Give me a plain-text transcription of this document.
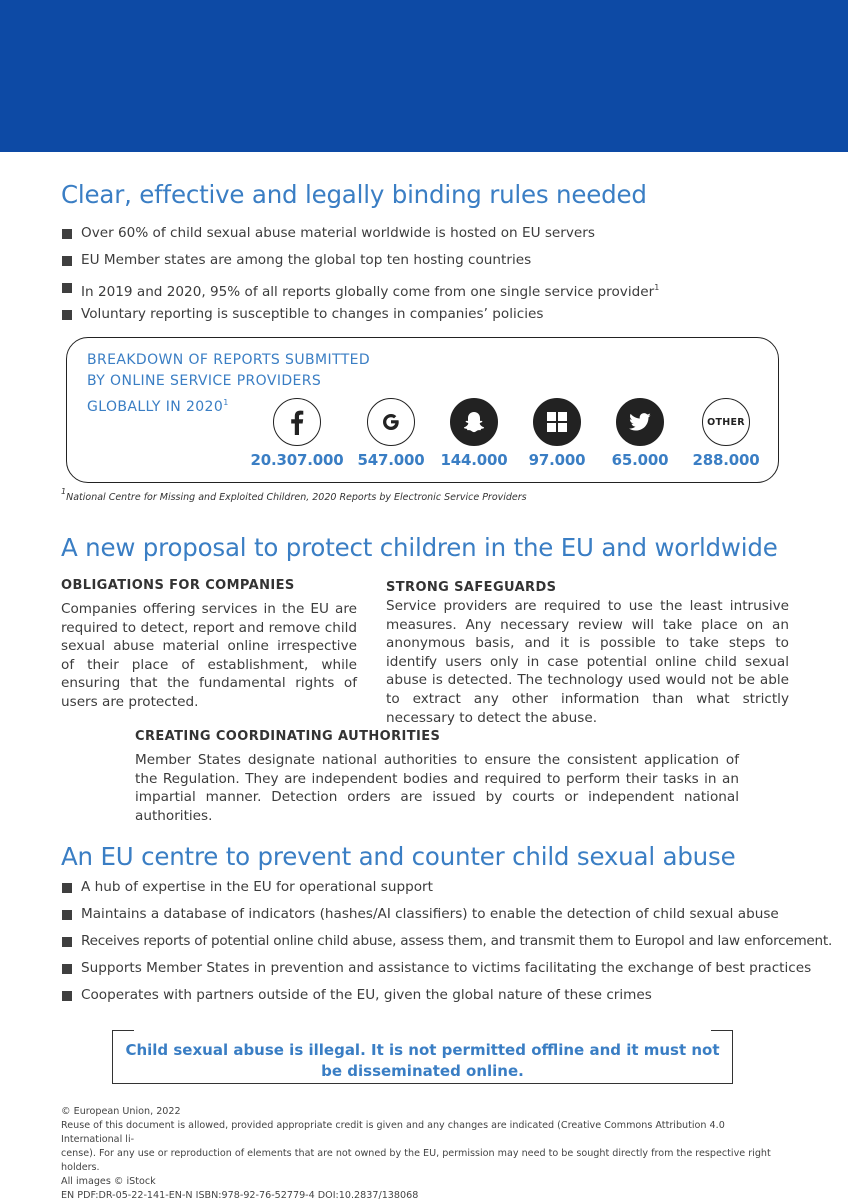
Clear, effective and legally binding rules needed
Over 60% of child sexual abuse material worldwide is hosted on EU servers
EU Member states are among the global top ten hosting countries
In 2019 and 2020, 95% of all reports globally come from one single service provider$^1$
Voluntary reporting is susceptible to changes in companies’ policies
BREAKDOWN OF REPORTS SUBMITTED
BY ONLINE SERVICE PROVIDERS
GLOBALLY IN 2020$^1$
20.307.000 547.000	144.000	97.000	65.000
OTHER
288.000
$^1$National Centre for Missing and Exploited Children, 2020 Reports by Electronic Service Providers
A new proposal to protect children in the EU and worldwide
OBLIGATIONS FOR COMPANIES
Companies offering services in the EU are required to detect, report and remove child sexual abuse material online irrespective of their place of establishment, while ensuring that the fundamental rights of users are protected.
STRONG SAFEGUARDS
Service providers are required to use the least intrusive measures. Any necessary review will take place on an anonymous basis, and it is possible to take steps to identify users only in case potential online child sexual abuse is detected. The technology used would not be able to extract any other information than what strictly necessary to detect the abuse.
CREATING COORDINATING AUTHORITIES
Member States designate national authorities to ensure the consistent application of the Regulation. They are independent bodies and required to perform their tasks in an impartial manner. Detection orders are issued by courts or independent national authorities.
An EU centre to prevent and counter child sexual abuse
A hub of expertise in the EU for operational support
Maintains a database of indicators (hashes/AI classifiers) to enable the detection of child sexual abuse
Receives reports of potential online child abuse, assess them, and transmit them to Europol and law enforcement.
Supports Member States in prevention and assistance to victims facilitating the exchange of best practices
Cooperates with partners outside of the EU, given the global nature of these crimes
Child sexual abuse is illegal. It is not permitted offline and it must not be disseminated online.
© European Union, 2022
Reuse of this document is allowed, provided appropriate credit is given and any changes are indicated (Creative Commons Attribution 4.0 International li-
cense). For any use or reproduction of elements that are not owned by the EU, permission may need to be sought directly from the respective right holders.
All images © iStock
EN PDF:DR-05-22-141-EN-N ISBN:978-92-76-52779-4 DOI:10.2837/138068
